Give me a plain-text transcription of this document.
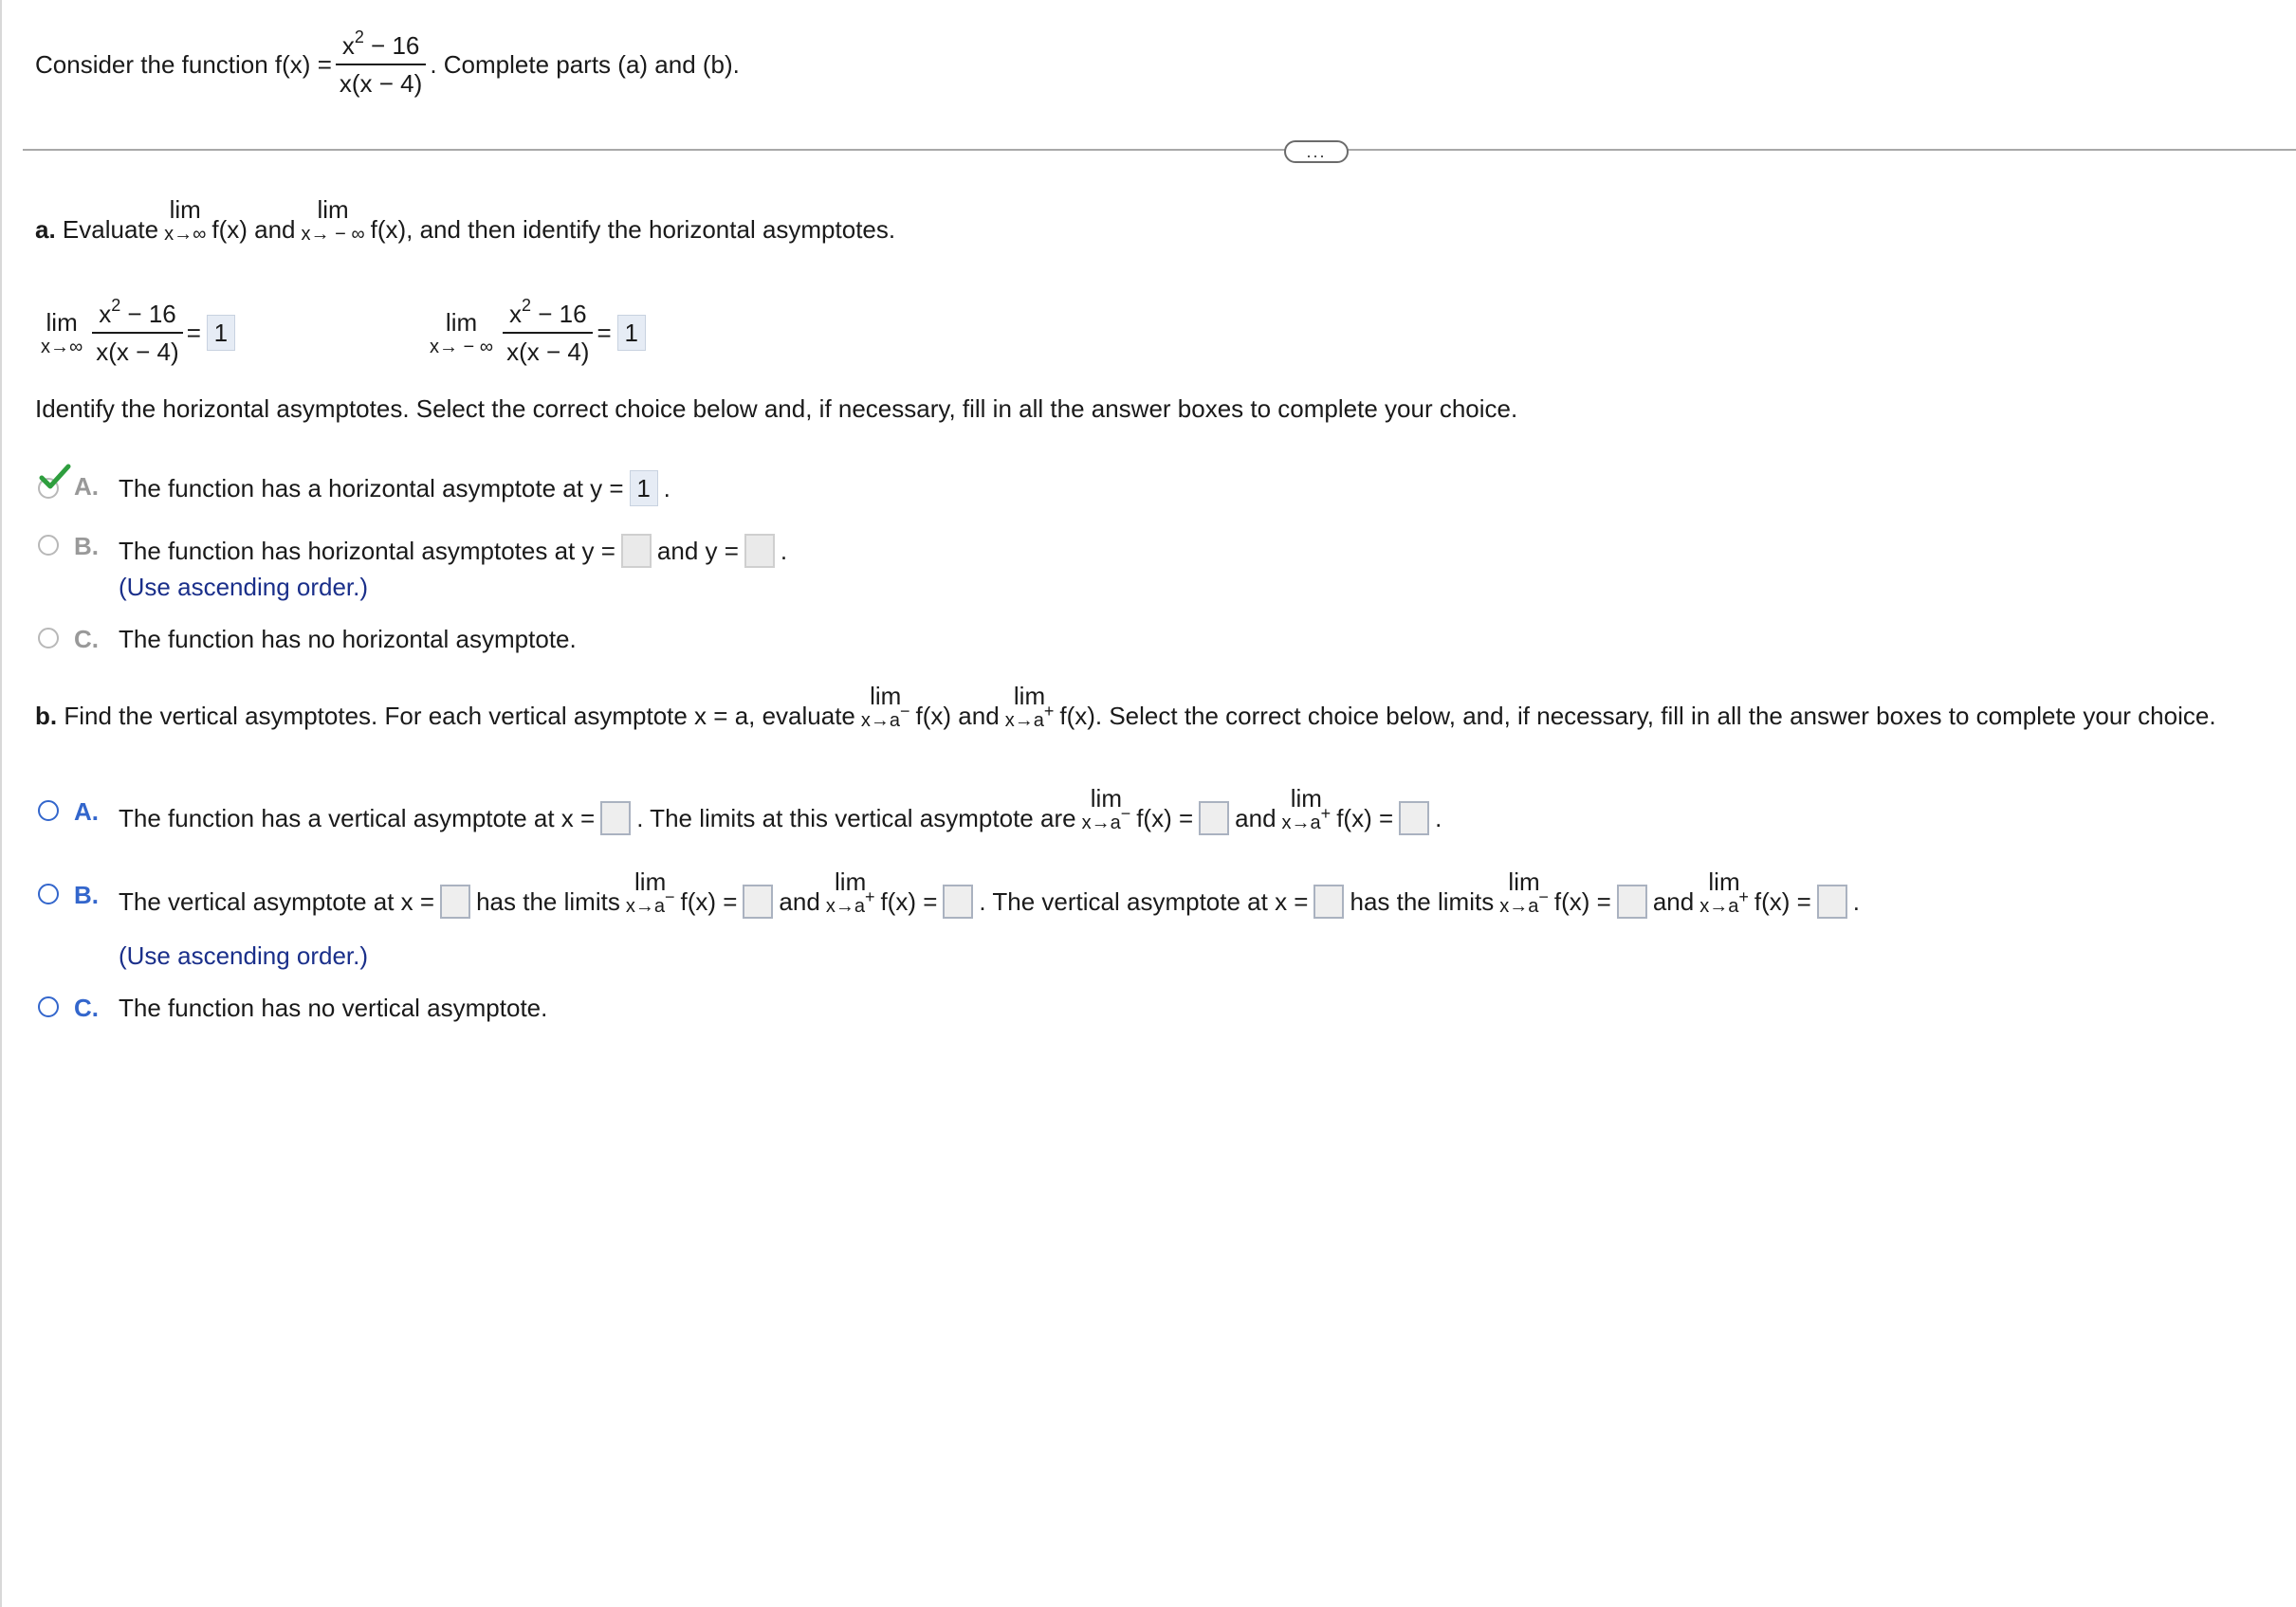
Consider the function $f(x) = \frac{x^2 - 16}{x(x - 4)}$ . Complete parts (a) and (b).
...
a.
Evaluate
lim
x→∞ f(x) and
lim
x→ − ∞ f(x), and then identify the horizontal asymptotes.
lim
$x\to\infty \frac{x^2 - 16}{x(x - 4)} = 1$	lim
x→ − ∞ $\frac{x^2 - 16}{x(x - 4)} = 1$
Identify the horizontal asymptotes. Select the correct choice below and, if necessary, fill in all the answer boxes to complete your choice.
A. The function has a horizontal asymptote at y = 1 .
B. The function has horizontal asymptotes at y = and y = .
(Use ascending order.)
C. The function has no horizontal asymptote.
b.
Find the vertical asymptotes. For each vertical asymptote x = a, evaluate
lim
x→a− f(x) and
lim
x→a+ f(x). Select the correct choice below, and, if necessary, fill in all the answer boxes to complete your choice.
A. The function has a vertical asymptote at x = . The limits at this vertical asymptote are
lim
x→a− f(x) = and
lim
x→a+ f(x) = .
B. The vertical asymptote at x = has the limits
lim
x→a− f(x) = and
lim
x→a+ f(x) = . The vertical asymptote at x = has the limits
lim
x→a− f(x) = and
lim
x→a+ f(x) = .
(Use ascending order.)
C. The function has no vertical asymptote.
